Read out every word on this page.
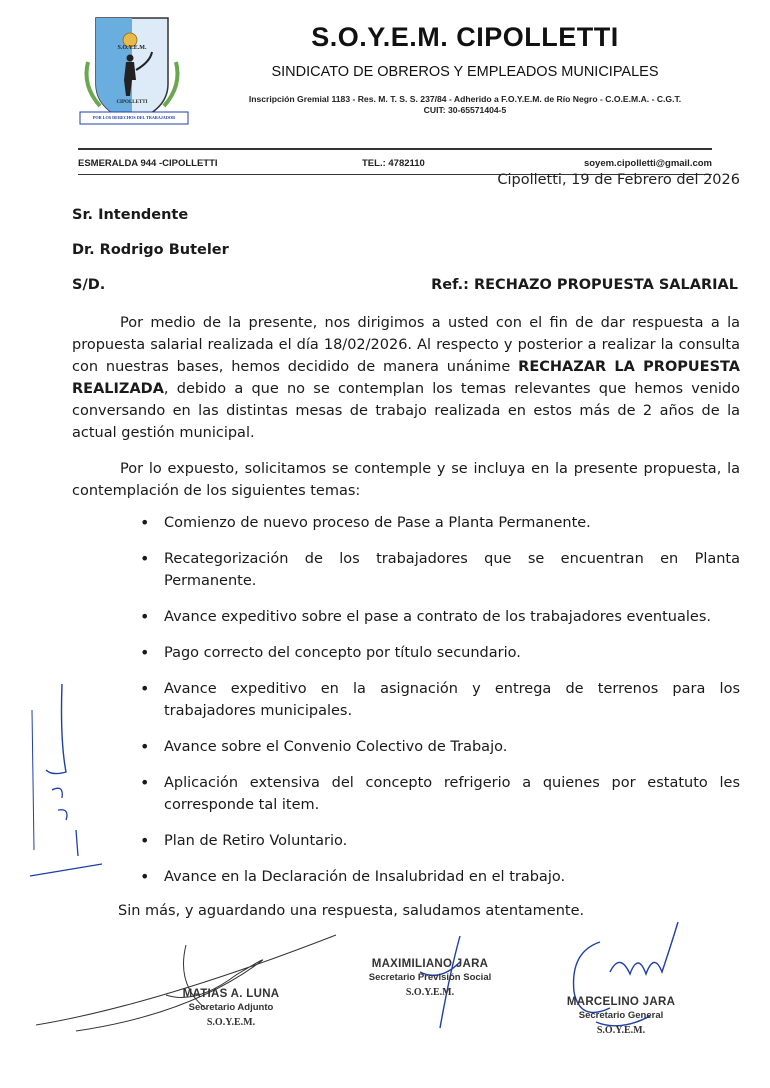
S.O.Y.E.M.
CIPOLLETTI
POR LOS DERECHOS DEL TRABAJADOR
S.O.Y.E.M. CIPOLLETTI
SINDICATO DE OBREROS Y EMPLEADOS MUNICIPALES
Inscripción Gremial 1183 - Res. M. T. S. S. 237/84 - Adherido a F.O.Y.E.M. de Río Negro - C.O.E.M.A. - C.G.T.
CUIT: 30-65571404-5
ESMERALDA 944 -CIPOLLETTI	TEL.: 4782110	soyem.cipolletti@gmail.com
Cipolletti, 19 de Febrero del 2026
Sr. Intendente
Dr. Rodrigo Buteler
S/D.	Ref.: RECHAZO PROPUESTA SALARIAL

Por medio de la presente, nos dirigimos a usted con el fin de dar respuesta a la propuesta salarial realizada el día 18/02/2026. Al respecto y posterior a realizar la consulta con nuestras bases, hemos decidido de manera unánime RECHAZAR LA PROPUESTA REALIZADA, debido a que no se contemplan los temas relevantes que hemos venido conversando en las distintas mesas de trabajo realizada en estos más de 2 años de la actual gestión municipal.

Por lo expuesto, solicitamos se contemple y se incluya en la presente propuesta, la contemplación de los siguientes temas:

• Comienzo de nuevo proceso de Pase a Planta Permanente.
• Recategorización de los trabajadores que se encuentran en Planta Permanente.
• Avance expeditivo sobre el pase a contrato de los trabajadores eventuales.
• Pago correcto del concepto por título secundario.
• Avance expeditivo en la asignación y entrega de terrenos para los trabajadores municipales.
• Avance sobre el Convenio Colectivo de Trabajo.
• Aplicación extensiva del concepto refrigerio a quienes por estatuto les corresponde tal item.
• Plan de Retiro Voluntario.
• Avance en la Declaración de Insalubridad en el trabajo.
Sin más, y aguardando una respuesta, saludamos atentamente.
MATIAS A. LUNA
Secretario Adjunto
S.O.Y.E.M.
MAXIMILIANO JARA
Secretario Previsión Social
S.O.Y.E.M.
MARCELINO JARA
Secretario General
S.O.Y.E.M.
